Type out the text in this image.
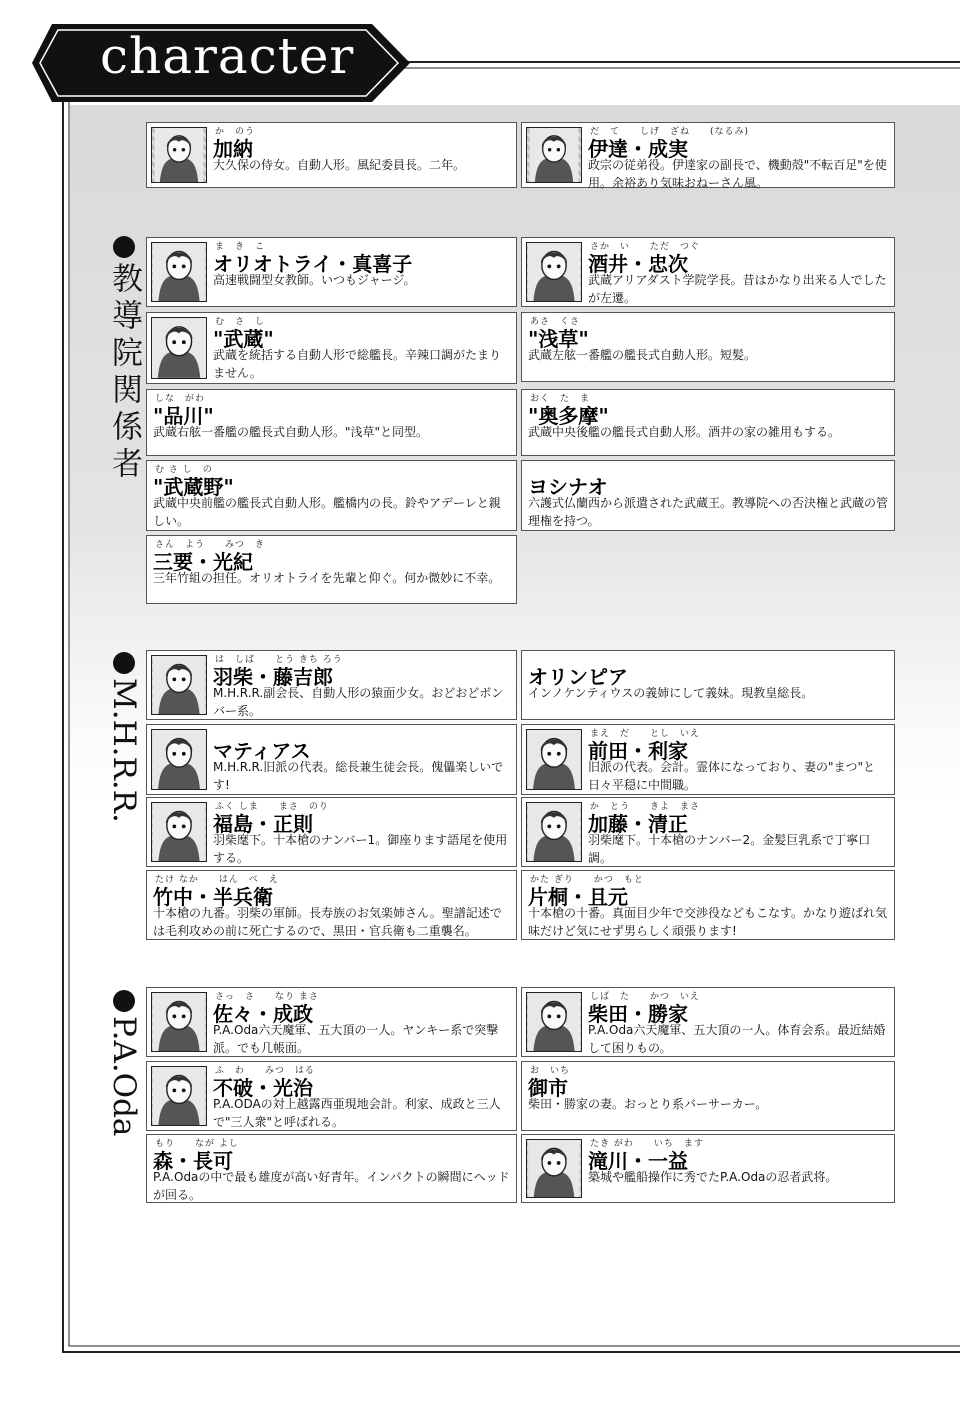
character
教導院関係者
M.H.R.R.
P.A.Oda
か　のう
加納
大久保の侍女。自動人形。風紀委員長。二年。
だ　て　　しげ　ざね　　(なるみ)
伊達・成実
政宗の従弟役。伊達家の副長で、機動殻"不転百足"を使用。余裕あり気味おねーさん風。
ま　き　こ
オリオトライ・真喜子
高速戦闘型女教師。いつもジャージ。
さか　い　　ただ　つぐ
酒井・忠次
武蔵アリアダスト学院学長。昔はかなり出来る人でしたが左遷。
む　さ　し
"武蔵"
武蔵を統括する自動人形で総艦長。辛辣口調がたまりません。
あさ　くさ
"浅草"
武蔵左舷一番艦の艦長式自動人形。短髪。
しな　がわ
"品川"
武蔵右舷一番艦の艦長式自動人形。"浅草"と同型。
おく　た　ま
"奥多摩"
武蔵中央後艦の艦長式自動人形。酒井の家の雑用もする。
む さ し　の
"武蔵野"
武蔵中央前艦の艦長式自動人形。艦橋内の長。鈴やアデーレと親しい。
ヨシナオ
六護式仏蘭西から派遣された武蔵王。教導院への否決権と武蔵の管理権を持つ。
さん　よう　　みつ　き
三要・光紀
三年竹組の担任。オリオトライを先輩と仰ぐ。何か微妙に不幸。
は　しば　　とう きち ろう
羽柴・藤吉郎
M.H.R.R.副会長、自動人形の猿面少女。おどおどボンバー系。
オリンピア
インノケンティウスの義姉にして義妹。現教皇総長。
マティアス
M.H.R.R.旧派の代表。総長兼生徒会長。傀儡楽しいです!
まえ　だ　　とし　いえ
前田・利家
旧派の代表。会計。霊体になっており、妻の"まつ"と日々平穏に中間職。
ふく しま　　まさ　のり
福島・正則
羽柴麾下。十本槍のナンバー1。御座ります語尾を使用する。
か　とう　　きよ　まさ
加藤・清正
羽柴麾下。十本槍のナンバー2。金髪巨乳系で丁寧口調。
たけ なか　　はん　べ　え
竹中・半兵衛
十本槍の九番。羽柴の軍師。長寿族のお気楽姉さん。聖譜記述では毛利攻めの前に死亡するので、黒田・官兵衛も二重襲名。
かた ぎり　　かつ　もと
片桐・且元
十本槍の十番。真面目少年で交渉役などもこなす。かなり遊ばれ気味だけど気にせず男らしく頑張ります!
さっ　さ　　なり まさ
佐々・成政
P.A.Oda六天魔軍、五大頂の一人。ヤンキー系で突撃派。でも几帳面。
しば　た　　かつ　いえ
柴田・勝家
P.A.Oda六天魔軍、五大頂の一人。体育会系。最近結婚して困りもの。
ふ　わ　　みつ　はる
不破・光治
P.A.ODAの対上越露西亜現地会計。利家、成政と三人で"三人衆"と呼ばれる。
お　いち
御市
柴田・勝家の妻。おっとり系バーサーカー。
もり　　なが よし
森・長可
P.A.Odaの中で最も雄度が高い好青年。インパクトの瞬間にヘッドが回る。
たき がわ　　いち　ます
滝川・一益
築城や艦船操作に秀でたP.A.Odaの忍者武将。
